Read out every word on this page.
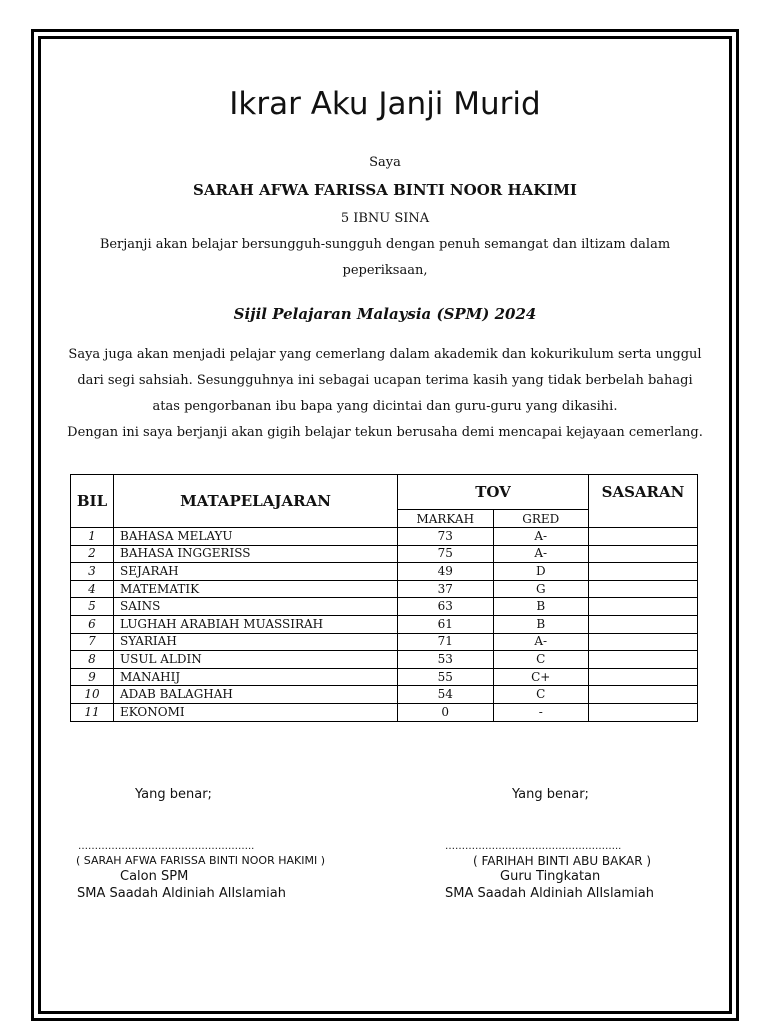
Ikrar Aku Janji Murid
Saya
SARAH AFWA FARISSA BINTI NOOR HAKIMI
5 IBNU SINA
Berjanji akan belajar bersungguh-sungguh dengan penuh semangat dan iltizam dalam
peperiksaan,
Sijil Pelajaran Malaysia (SPM) 2024
Saya juga akan menjadi pelajar yang cemerlang dalam akademik dan kokurikulum serta unggul
dari segi sahsiah. Sesungguhnya ini sebagai ucapan terima kasih yang tidak berbelah bahagi
atas pengorbanan ibu bapa yang dicintai dan guru-guru yang dikasihi.
Dengan ini saya berjanji akan gigih belajar tekun berusaha demi mencapai kejayaan cemerlang.
BIL	MATAPELAJARAN	TOV		SASARAN
		MARKAH	GRED	
1	BAHASA MELAYU	73	A-	
2	BAHASA INGGERISS	75	A-	
3	SEJARAH	49	D	
4	MATEMATIK	37	G	
5	SAINS	63	B	
6	LUGHAH ARABIAH MUASSIRAH	61	B	
7	SYARIAH	71	A-	
8	USUL ALDIN	53	C	
9	MANAHIJ	55	C+	
10	ADAB BALAGHAH	54	C	
11	EKONOMI	0	-	
Yang benar;
……………………………………………..
( SARAH AFWA FARISSA BINTI NOOR HAKIMI )
Calon SPM
SMA Saadah Aldiniah AlIslamiah
Yang benar;
……………………………………………..
( FARIHAH BINTI ABU BAKAR )
Guru Tingkatan
SMA Saadah Aldiniah AlIslamiah
